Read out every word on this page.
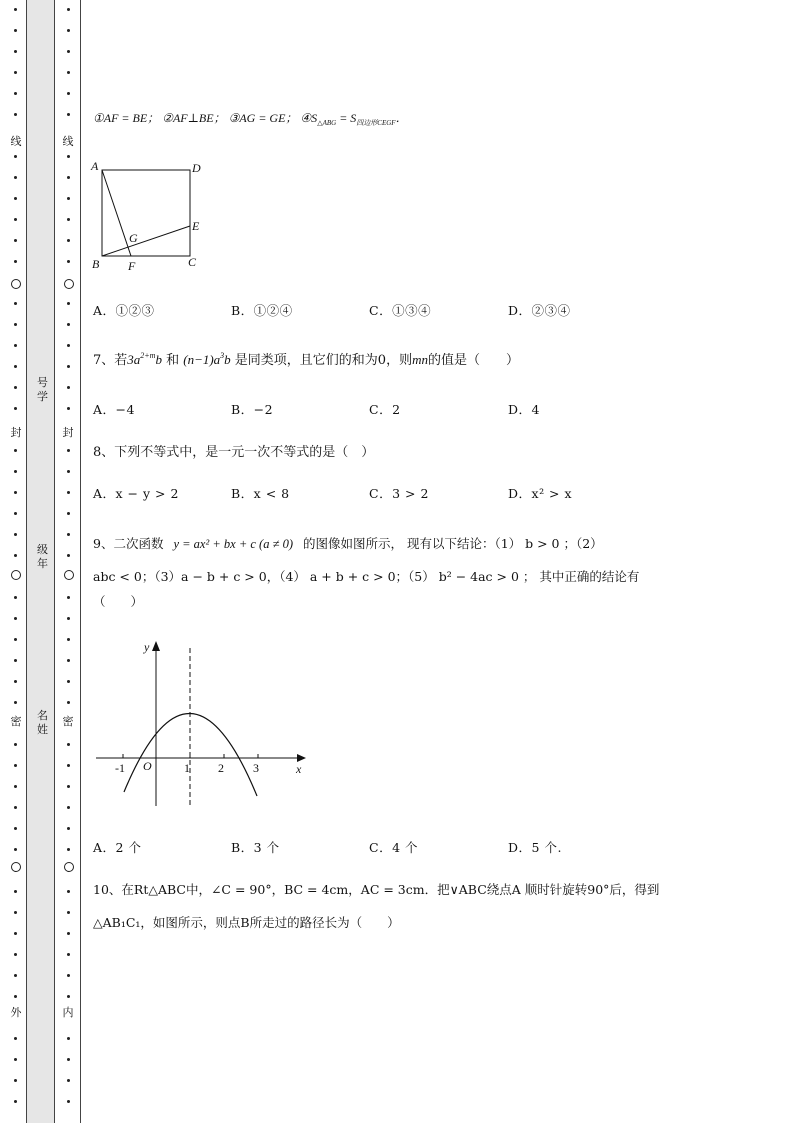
线
封
密
外
线
封
密
内
号学
级年
名姓
①AF = BE； ②AF⊥BE； ③AG = GE； $④S_{\triangle ABG} = S_{四边形CEGF}$．
A	D
E
G
B F	C
A．①②③	B．①②④	C．①③④	D．②③④
7、若$3a^{2+m}b$ 和 $(n-1)a^3b$ 是同类项，且它们的和为0，则mn的值是（　　）
A．−4	B．−2	C．2	D．4
8、下列不等式中，是一元一次不等式的是（　）
A．x − y > 2	B．x < 8	C．3 > 2	D．x² > x
9、二次函数 y = ax² + bx + c (a ≠ 0) 的图像如图所示， 现有以下结论：（1） b > 0 ；（2）
abc < 0；（3）a − b + c > 0，（4） a + b + c > 0；（5） b² − 4ac > 0 ； 其中正确的结论有
（　　）
y
x
-1 O	1 2 3
A．2 个	B．3 个	C．4 个	D．5 个.
10、在Rt△ABC中，∠C = 90°，BC = 4cm，AC = 3cm．把∨ABC绕点A 顺时针旋转90°后，得到
△AB₁C₁，如图所示，则点B所走过的路径长为（　　）
